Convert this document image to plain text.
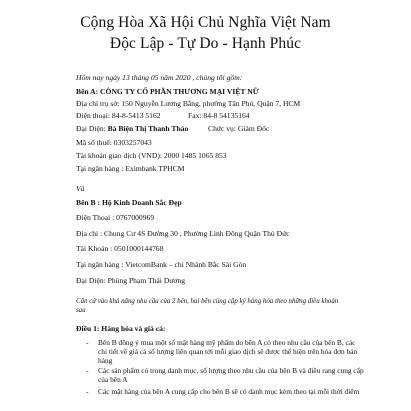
Cộng Hòa Xã Hội Chủ Nghĩa Việt Nam
Độc Lập - Tự Do - Hạnh Phúc
Hôm nay ngày 13 tháng 05 năm 2020 , chúng tôi gồm:
Bên A: CÔNG TY CỔ PHẦN THƯƠNG MẠI VIỆT NỮ
Địa chỉ trụ sở: 150 Nguyễn Lương Bằng, phường Tân Phú, Quận 7, HCM
Điện thoại: 84-8-5413 5162	Fax: 84-8 54135164
Đại Diện: Bà Biện Thị Thanh Thảo	Chức vụ: Giám Đốc
Mã số thuế: 0303257043
Tài khoản giao dịch (VND): 2000 1485 1065 853
Tại ngân hàng : Eximbank TPHCM
Và
Bên B : Hộ Kinh Doanh Sắc Đẹp
Điện Thoại : 0767000969
Địa chỉ : Chung Cư 4S Đường 30 , Phường Linh Đông Quận Thủ Đức
Tài Khoản : 0501000144768
Tại ngân hàng : VietcomBank – chi Nhánh Bắc Sài Gòn
Đại Diện: Phùng Phạm Thái Dương
Căn cứ vào khả năng nhu cầu của 2 bên, hai bên cùng cập ký hàng hóa theo những điều khoản
sau
Điều 1: Hàng hóa và giá cả:
- Bên B đồng ý mua một số mặt hàng mỹ phẩm do bên A có theo nhu cầu của bên B, các
chi tiết về giá cả số lượng liên quan tới mỗi giao dịch sẽ được thể hiện trên hóa đơn bán
hàng
- Các sản phẩm có trong danh mục, số lượng theo nhu cầu của bên B và điều rang cung cấp
của bên A
- Các mặt hàng của bên A cung cấp cho bên B sẽ có danh mục kèm theo tại mỗi thời điểm
